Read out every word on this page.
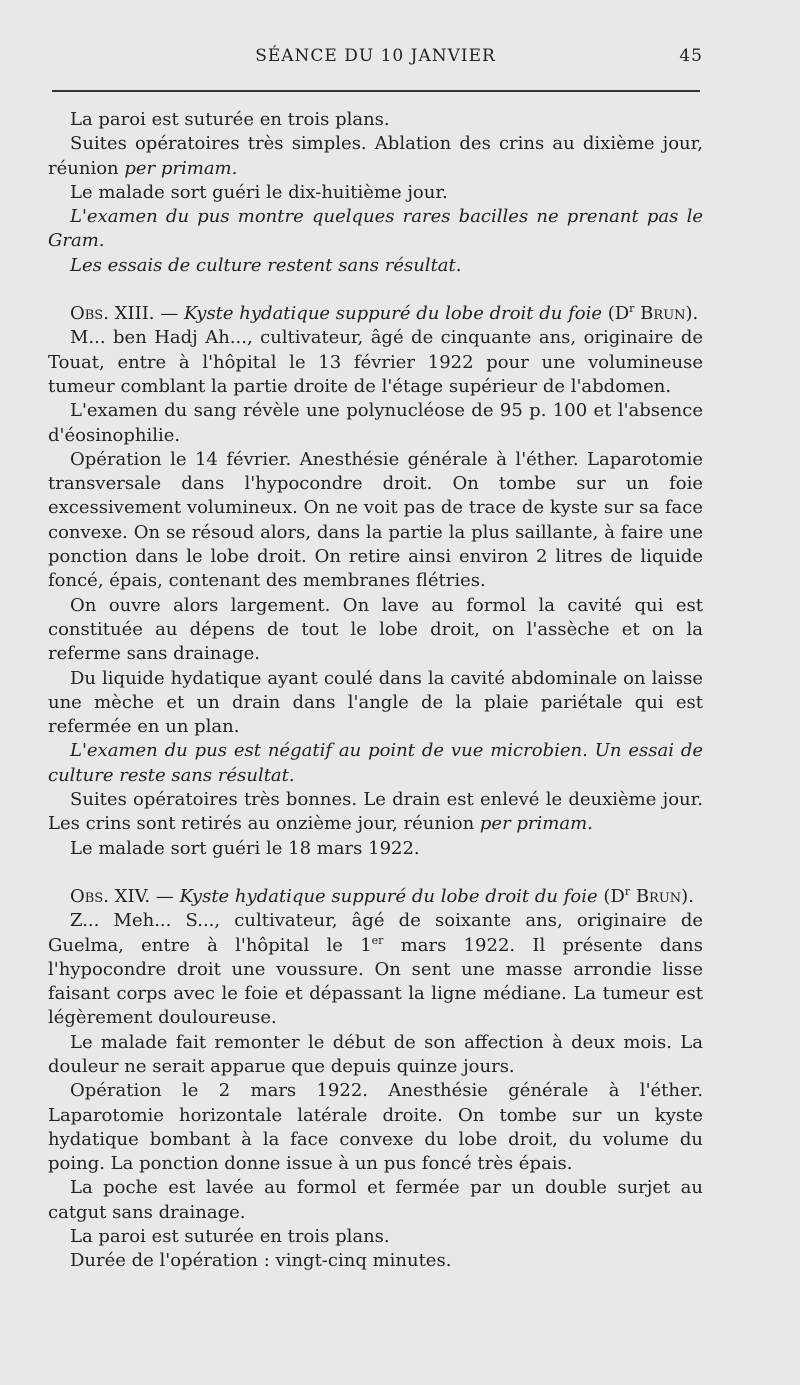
SÉANCE DU 10 JANVIER	45

La paroi est suturée en trois plans.

Suites opératoires très simples. Ablation des crins au dixième jour, réunion per primam.

Le malade sort guéri le dix-huitième jour.

L'examen du pus montre quelques rares bacilles ne prenant pas le Gram.

Les essais de culture restent sans résultat.

Obs. XIII. — Kyste hydatique suppuré du lobe droit du foie ($D^r$ Brun).

M... ben Hadj Ah..., cultivateur, âgé de cinquante ans, originaire de Touat, entre à l'hôpital le 13 février 1922 pour une volumineuse tumeur comblant la partie droite de l'étage supérieur de l'abdomen.

L'examen du sang révèle une polynucléose de 95 p. 100 et l'absence d'éosinophilie.

Opération le 14 février. Anesthésie générale à l'éther. Laparotomie transversale dans l'hypocondre droit. On tombe sur un foie excessivement volumineux. On ne voit pas de trace de kyste sur sa face convexe. On se résoud alors, dans la partie la plus saillante, à faire une ponction dans le lobe droit. On retire ainsi environ 2 litres de liquide foncé, épais, contenant des membranes flétries.

On ouvre alors largement. On lave au formol la cavité qui est constituée au dépens de tout le lobe droit, on l'assèche et on la referme sans drainage.

Du liquide hydatique ayant coulé dans la cavité abdominale on laisse une mèche et un drain dans l'angle de la plaie pariétale qui est refermée en un plan.

L'examen du pus est négatif au point de vue microbien. Un essai de culture reste sans résultat.

Suites opératoires très bonnes. Le drain est enlevé le deuxième jour. Les crins sont retirés au onzième jour, réunion per primam.

Le malade sort guéri le 18 mars 1922.

Obs. XIV. — Kyste hydatique suppuré du lobe droit du foie ($D^r$ Brun).

Z... Meh... S..., cultivateur, âgé de soixante ans, originaire de Guelma, entre à l'hôpital le 1er mars 1922. Il présente dans l'hypocondre droit une voussure. On sent une masse arrondie lisse faisant corps avec le foie et dépassant la ligne médiane. La tumeur est légèrement douloureuse.

Le malade fait remonter le début de son affection à deux mois. La douleur ne serait apparue que depuis quinze jours.

Opération le 2 mars 1922. Anesthésie générale à l'éther. Laparotomie horizontale latérale droite. On tombe sur un kyste hydatique bombant à la face convexe du lobe droit, du volume du poing. La ponction donne issue à un pus foncé très épais.

La poche est lavée au formol et fermée par un double surjet au catgut sans drainage.

La paroi est suturée en trois plans.

Durée de l'opération : vingt-cinq minutes.
